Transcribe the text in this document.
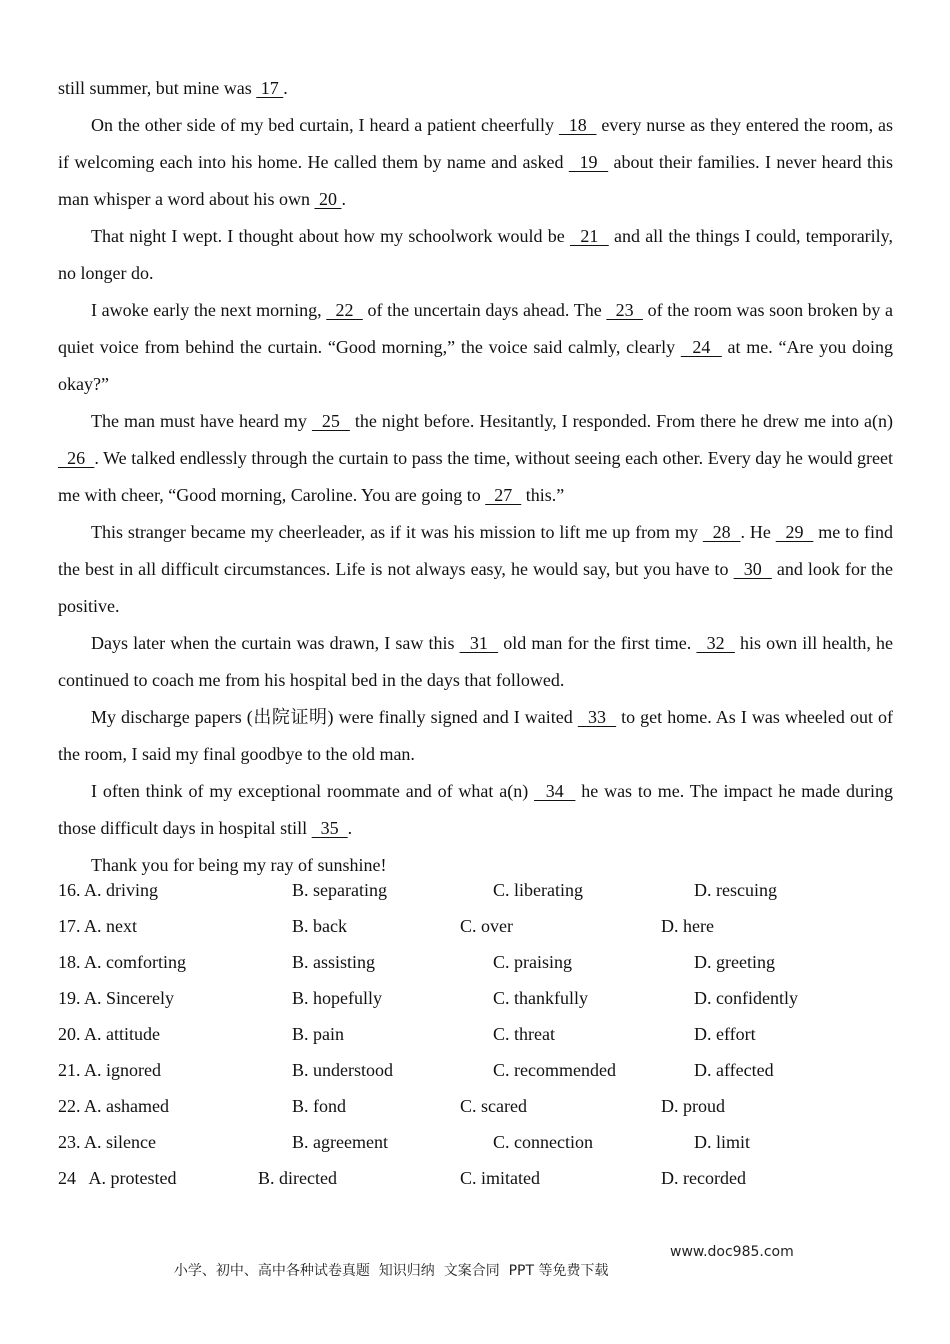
still summer, but mine was  17 .

On the other side of my bed curtain, I heard a patient cheerfully   18   every nurse as they entered the room, as if welcoming each into his home. He called them by name and asked   19   about their families. I never heard this man whisper a word about his own  20 .

That night I wept. I thought about how my schoolwork would be   21   and all the things I could, temporarily, no longer do.

I awoke early the next morning,   22   of the uncertain days ahead. The   23   of the room was soon broken by a quiet voice from behind the curtain. “Good morning,” the voice said calmly, clearly   24   at me. “Are you doing okay?”

The man must have heard my   25   the night before. Hesitantly, I responded. From there he drew me into a(n)   26  . We talked endlessly through the curtain to pass the time, without seeing each other. Every day he would greet me with cheer, “Good morning, Caroline. You are going to   27   this.”

This stranger became my cheerleader, as if it was his mission to lift me up from my   28  . He   29   me to find the best in all difficult circumstances. Life is not always easy, he would say, but you have to   30   and look for the positive.

Days later when the curtain was drawn, I saw this   31   old man for the first time.   32   his own ill health, he continued to coach me from his hospital bed in the days that followed.

My discharge papers (出院证明) were finally signed and I waited   33   to get home. As I was wheeled out of the room, I said my final goodbye to the old man.

I often think of my exceptional roommate and of what a(n)   34   he was to me. The impact he made during those difficult days in hospital still   35  .

Thank you for being my ray of sunshine!

16. A. driving	B. separating	C. liberating	D. rescuing
17. A. next	B. back	C. over	D. here
18. A. comforting	B. assisting	C. praising	D. greeting
19. A. Sincerely	B. hopefully	C. thankfully	D. confidently
20. A. attitude	B. pain	C. threat	D. effort
21. A. ignored	B. understood	C. recommended	D. affected
22. A. ashamed	B. fond	C. scared	D. proud
23. A. silence	B. agreement	C. connection	D. limit
24   A. protested	B. directed	C. imitated	D. recorded

小学、初中、高中各种试卷真题  知识归纳  文案合同  PPT 等免费下载

www.doc985.com
